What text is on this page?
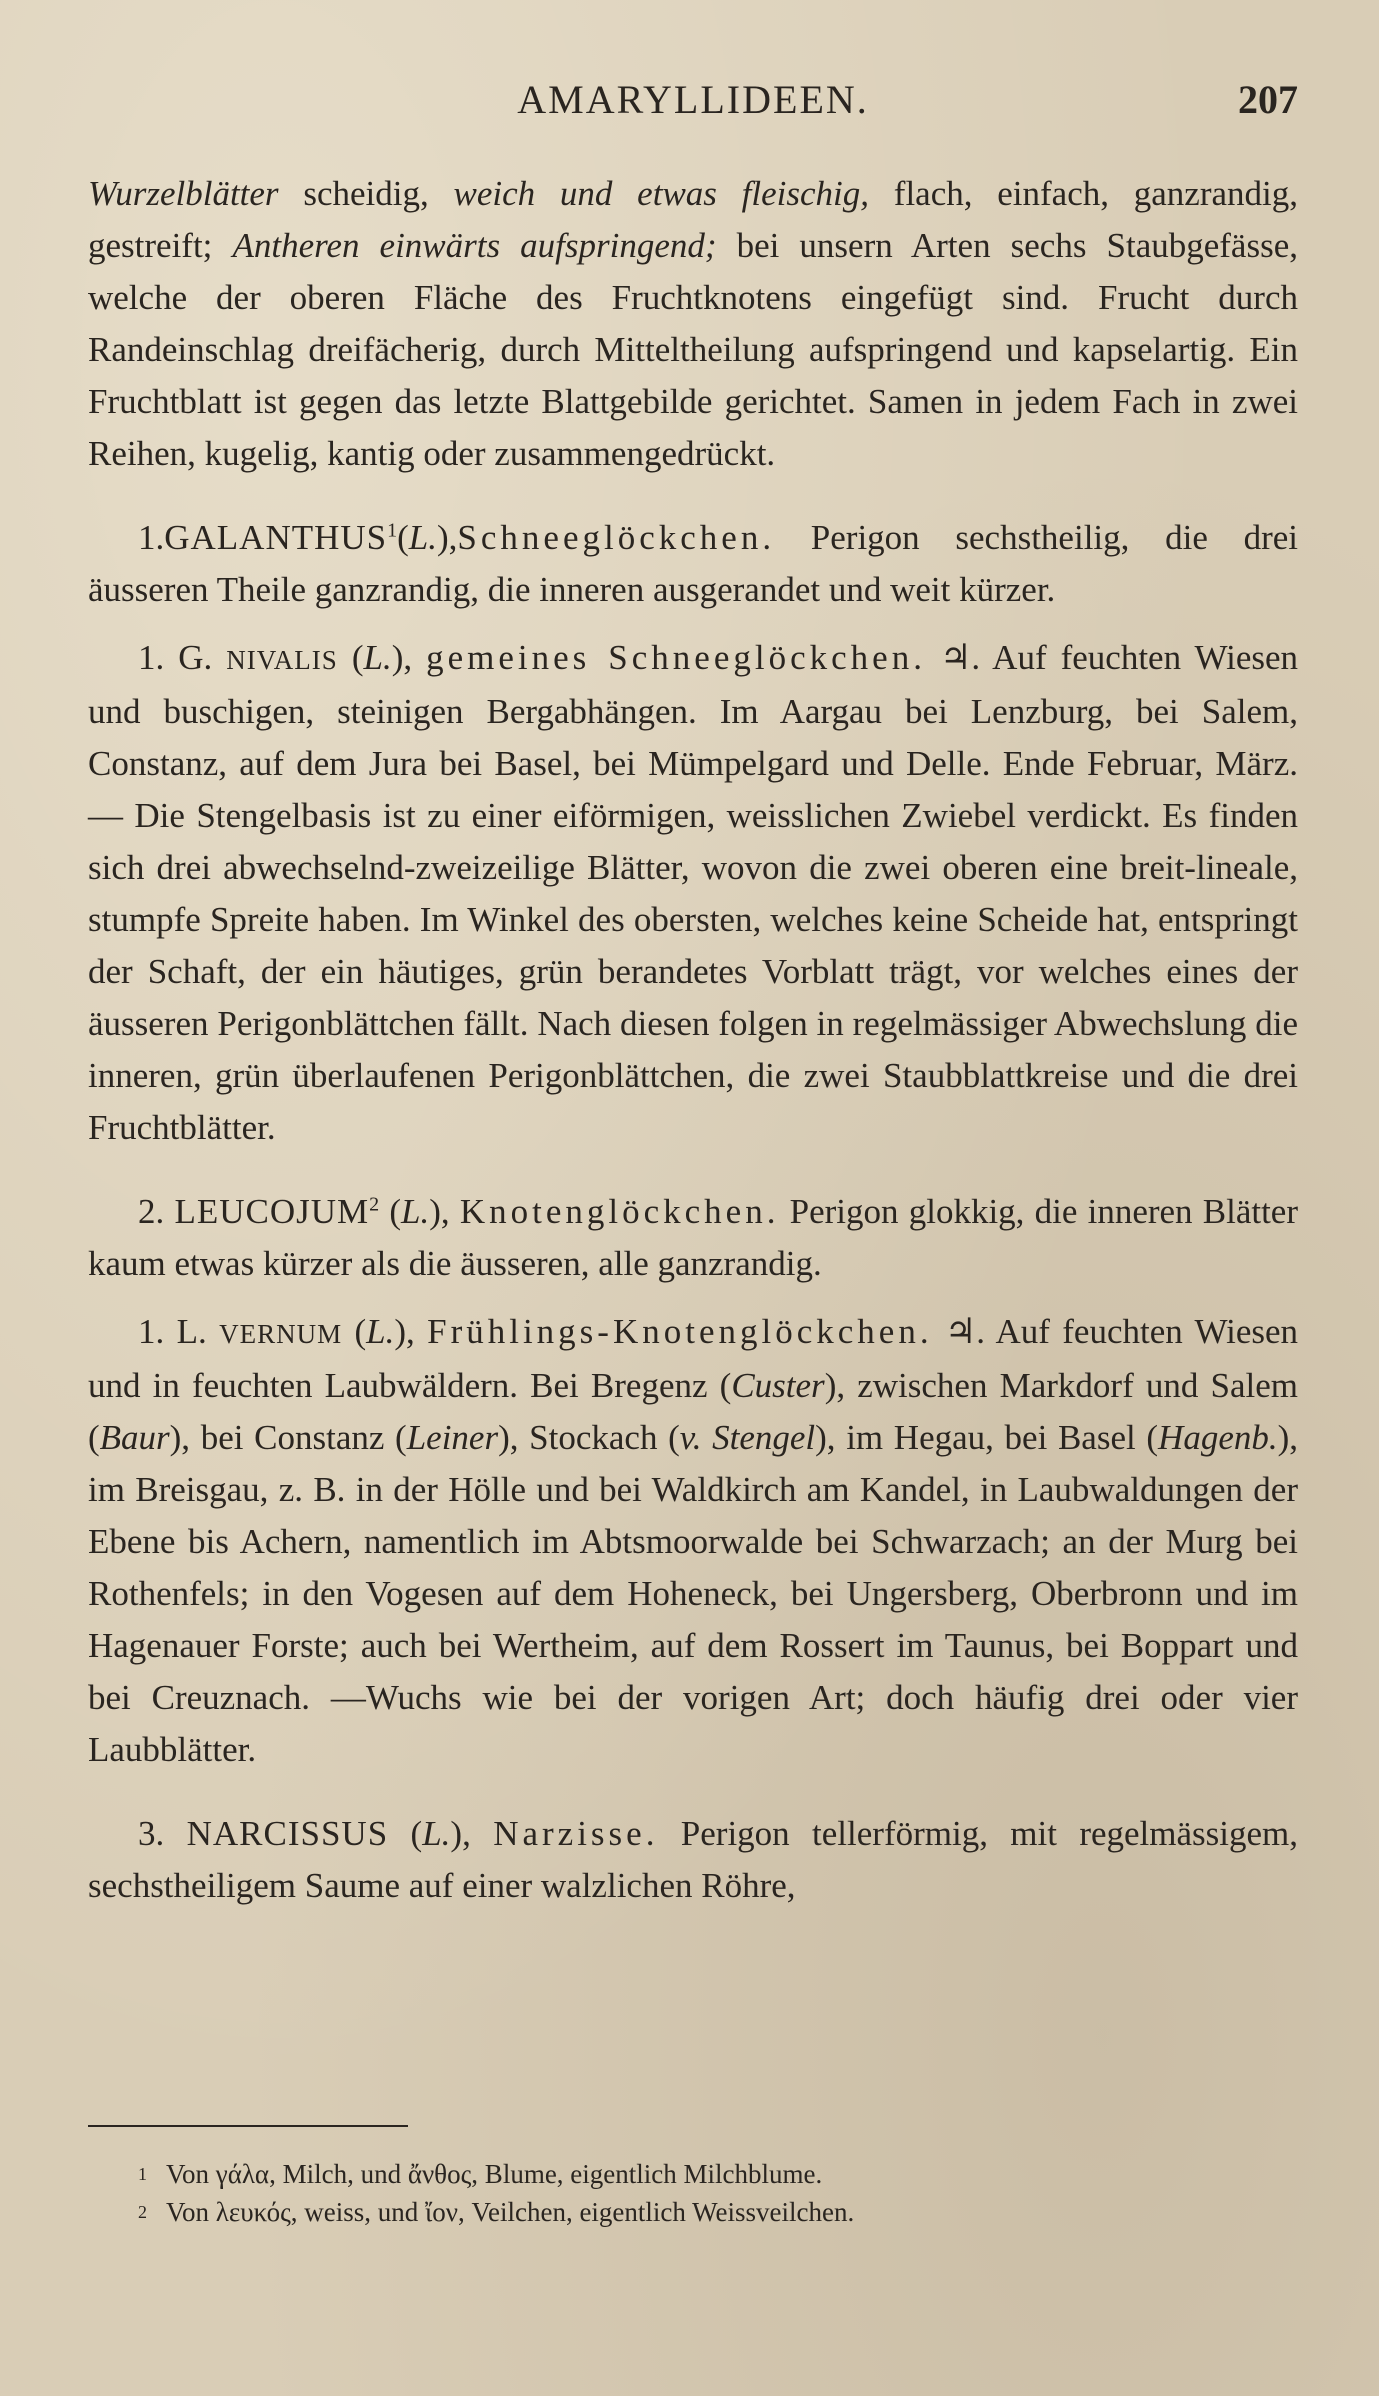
AMARYLLIDEEN.	207

Wurzelblätter scheidig, weich und etwas fleischig, flach, einfach, ganzrandig, gestreift; Antheren einwärts aufspringend; bei unsern Arten sechs Staubgefässe, welche der oberen Fläche des Fruchtknotens eingefügt sind. Frucht durch Randeinschlag dreifächerig, durch Mitteltheilung aufspringend und kapselartig. Ein Fruchtblatt ist gegen das letzte Blattgebilde gerichtet. Samen in jedem Fach in zwei Reihen, kugelig, kantig oder zusammengedrückt.

1.GALANTHUS$^1$(L.),Schneeglöckchen. Perigon sechstheilig, die drei äusseren Theile ganzrandig, die inneren ausgerandet und weit kürzer.

1. G. NIVALIS (L.), gemeines Schneeglöckchen. ♃. Auf feuchten Wiesen und buschigen, steinigen Bergabhängen. Im Aargau bei Lenzburg, bei Salem, Constanz, auf dem Jura bei Basel, bei Mümpelgard und Delle. Ende Februar, März. — Die Stengelbasis ist zu einer eiförmigen, weisslichen Zwiebel verdickt. Es finden sich drei abwechselnd-zweizeilige Blätter, wovon die zwei oberen eine breit-lineale, stumpfe Spreite haben. Im Winkel des obersten, welches keine Scheide hat, entspringt der Schaft, der ein häutiges, grün berandetes Vorblatt trägt, vor welches eines der äusseren Perigonblättchen fällt. Nach diesen folgen in regelmässiger Abwechslung die inneren, grün überlaufenen Perigonblättchen, die zwei Staubblattkreise und die drei Fruchtblätter.

2. LEUCOJUM$^2$ (L.), Knotenglöckchen. Perigon glokkig, die inneren Blätter kaum etwas kürzer als die äusseren, alle ganzrandig.

1. L. VERNUM (L.), Frühlings-Knotenglöckchen. ♃. Auf feuchten Wiesen und in feuchten Laubwäldern. Bei Bregenz (Custer), zwischen Markdorf und Salem (Baur), bei Constanz (Leiner), Stockach (v. Stengel), im Hegau, bei Basel (Hagenb.), im Breisgau, z. B. in der Hölle und bei Waldkirch am Kandel, in Laubwaldungen der Ebene bis Achern, namentlich im Abtsmoorwalde bei Schwarzach; an der Murg bei Rothenfels; in den Vogesen auf dem Hoheneck, bei Ungersberg, Oberbronn und im Hagenauer Forste; auch bei Wertheim, auf dem Rossert im Taunus, bei Boppart und bei Creuznach. —Wuchs wie bei der vorigen Art; doch häufig drei oder vier Laubblätter.

3. NARCISSUS (L.), Narzisse. Perigon tellerförmig, mit regelmässigem, sechstheiligem Saume auf einer walzlichen Röhre,

1 Von γάλα, Milch, und ἄνθος, Blume, eigentlich Milchblume.

2 Von λευκός, weiss, und ἴον, Veilchen, eigentlich Weissveilchen.
